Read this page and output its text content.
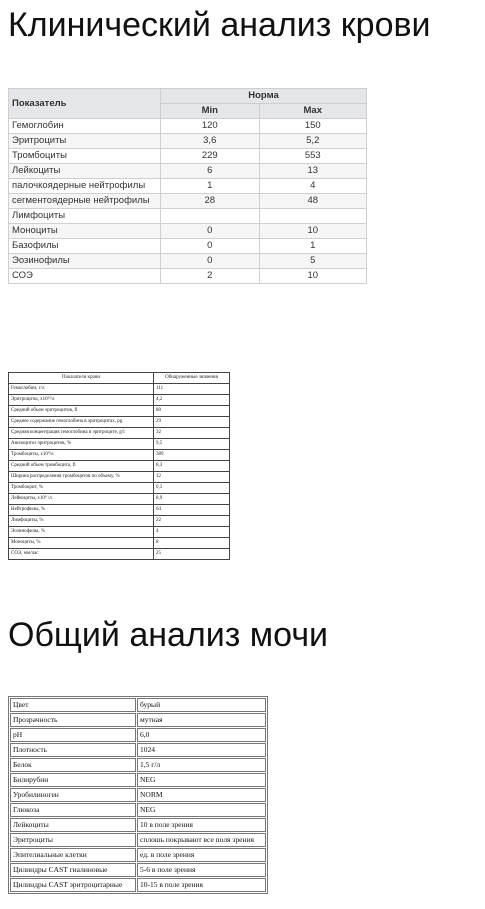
Клинический анализ крови
Показатель	Норма	
	Min	Max
Гемоглобин	120	150
Эритроциты	3,6	5,2
Тромбоциты	229	553
Лейкоциты	6	13
палочкоядерные нейтрофилы	1	4
сегментоядерные нейтрофилы	28	48
Лимфоциты		
Моноциты	0	10
Базофилы	0	1
Эозинофилы	0	5
СОЭ	2	10
Показатели крови	Обнаруженные значения
Гемоглобин, г/л	111
Эритроциты, х10¹²/л	4,2
Средний объем эритроцитов, fl	80
Среднее содержание гемоглобина в эритроцитах, pg	29
Средняя концентрация гемоглобина в эритроците, g/l	32
Анизоцитоз эритроцитов, %	9,5
Тромбоциты, х10⁹/л	389
Средний объем тромбоцита, fl	8,3
Ширина распределения тромбоцитов по объему, %	12
Тромбокрит, %	0,3
Лейкоциты, х10⁹ /л	8,9
Нейтрофилы, %	64
Лимфоциты, %	22
Эозинофилы, %	4
Моноциты, %	8
СОЭ, мм/час	25
Общий анализ мочи
Цвет	бурый
Прозрачность	мутная
pH	6,0
Плотность	1024
Белок	1,5 г/л
Билирубин	NEG
Уробилиноген	NORM
Глюкоза	NEG
Лейкоциты	10 в поле зрения
Эритроциты	сплошь покрывают все поля зрения
Эпителиальные клетки	ед. в поле зрения
Цилиндры CAST гиалиновые	5-6 в поле зрения
Цилиндры CAST эритроцитарные	10-15 в поле зрения
